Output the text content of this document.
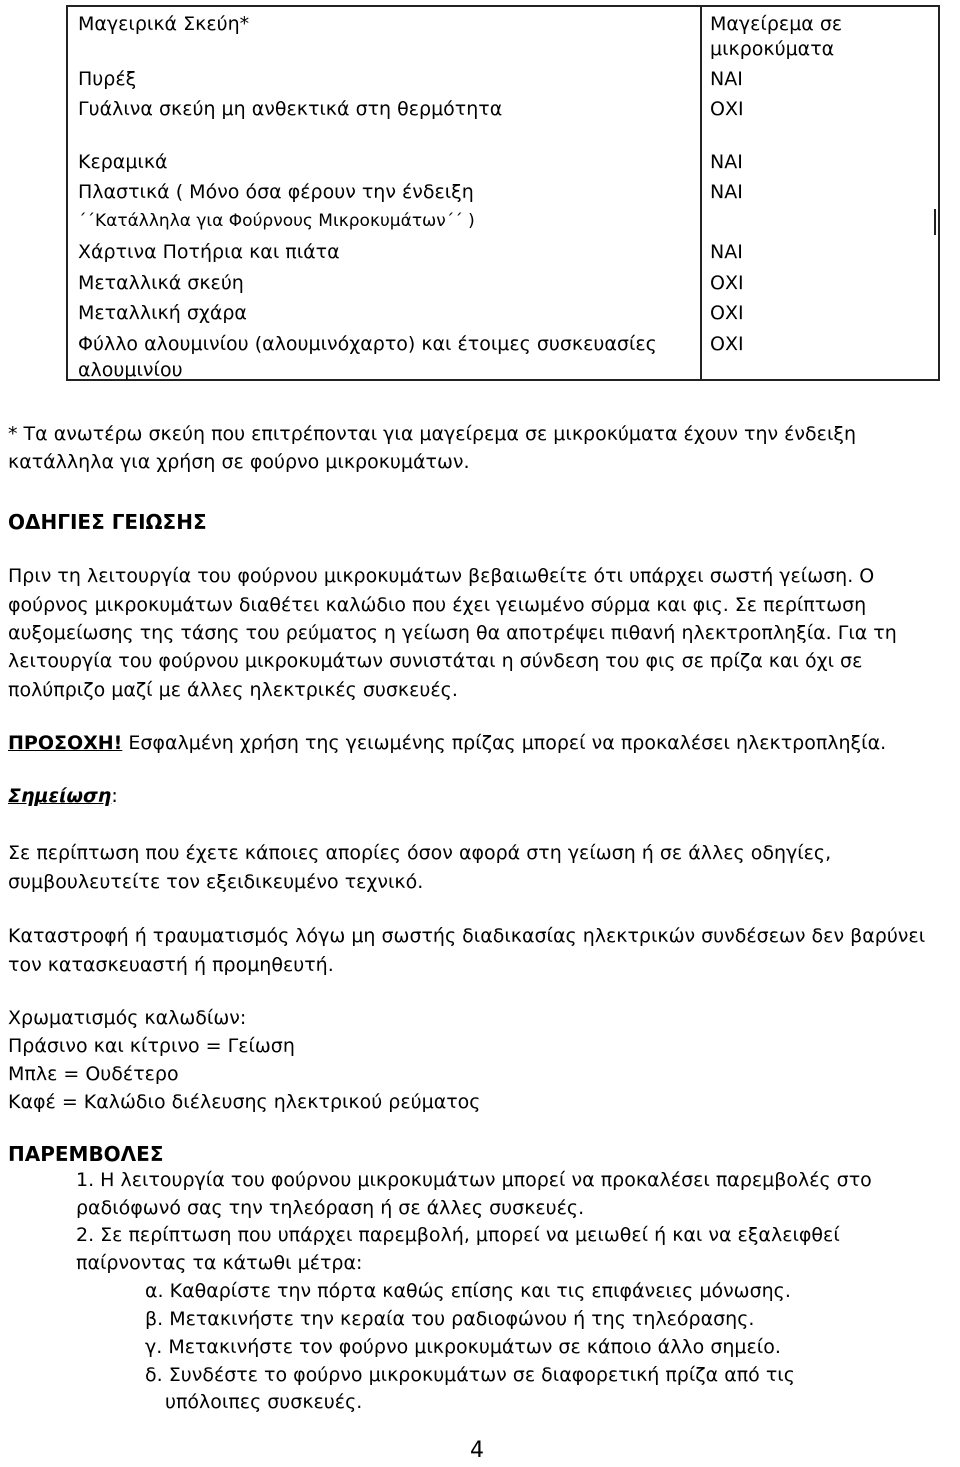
Μαγειρικά Σκεύη*	Μαγείρεμα σε
μικροκύματα
Πυρέξ	ΝΑΙ
Γυάλινα σκεύη μη ανθεκτικά στη θερμότητα	ΟΧΙ
Κεραμικά	ΝΑΙ
Πλαστικά ( Μόνο όσα φέρουν την ένδειξη	ΝΑΙ
΄΄Κατάλληλα για Φούρνους Μικροκυμάτων΄΄ )
Χάρτινα Ποτήρια και πιάτα	ΝΑΙ
Μεταλλικά σκεύη	ΟΧΙ
Μεταλλική σχάρα	ΟΧΙ
Φύλλο αλουμινίου (αλουμινόχαρτο) και έτοιμες συσκευασίες	ΟΧΙ
αλουμινίου
* Τα ανωτέρω σκεύη που επιτρέπονται για μαγείρεμα σε μικροκύματα έχουν την ένδειξη
κατάλληλα για χρήση σε φούρνο μικροκυμάτων.
ΟΔΗΓΙΕΣ ΓΕΙΩΣΗΣ
Πριν τη λειτουργία του φούρνου μικροκυμάτων βεβαιωθείτε ότι υπάρχει σωστή γείωση. Ο
φούρνος μικροκυμάτων διαθέτει καλώδιο που έχει γειωμένο σύρμα και φις. Σε περίπτωση
αυξομείωσης της τάσης του ρεύματος η γείωση θα αποτρέψει πιθανή ηλεκτροπληξία. Για τη
λειτουργία του φούρνου μικροκυμάτων συνιστάται η σύνδεση του φις σε πρίζα και όχι σε
πολύπριζο μαζί με άλλες ηλεκτρικές συσκευές.
ΠΡΟΣΟΧΗ! Εσφαλμένη χρήση της γειωμένης πρίζας μπορεί να προκαλέσει ηλεκτροπληξία.
Σημείωση:
Σε περίπτωση που έχετε κάποιες απορίες όσον αφορά στη γείωση ή σε άλλες οδηγίες,
συμβουλευτείτε τον εξειδικευμένο τεχνικό.
Καταστροφή ή τραυματισμός λόγω μη σωστής διαδικασίας ηλεκτρικών συνδέσεων δεν βαρύνει
τον κατασκευαστή ή προμηθευτή.
Χρωματισμός καλωδίων:
Πράσινο και κίτρινο = Γείωση
Μπλε = Ουδέτερο
Καφέ = Καλώδιο διέλευσης ηλεκτρικού ρεύματος
ΠΑΡΕΜΒΟΛΕΣ
1. Η λειτουργία του φούρνου μικροκυμάτων μπορεί να προκαλέσει παρεμβολές στο
ραδιόφωνό σας την τηλεόραση ή σε άλλες συσκευές.
2. Σε περίπτωση που υπάρχει παρεμβολή, μπορεί να μειωθεί ή και να εξαλειφθεί
παίρνοντας τα κάτωθι μέτρα:
α. Καθαρίστε την πόρτα καθώς επίσης και τις επιφάνειες μόνωσης.
β. Μετακινήστε την κεραία του ραδιοφώνου ή της τηλεόρασης.
γ. Μετακινήστε τον φούρνο μικροκυμάτων σε κάποιο άλλο σημείο.
δ. Συνδέστε το φούρνο μικροκυμάτων σε διαφορετική πρίζα από τις
υπόλοιπες συσκευές.
4
